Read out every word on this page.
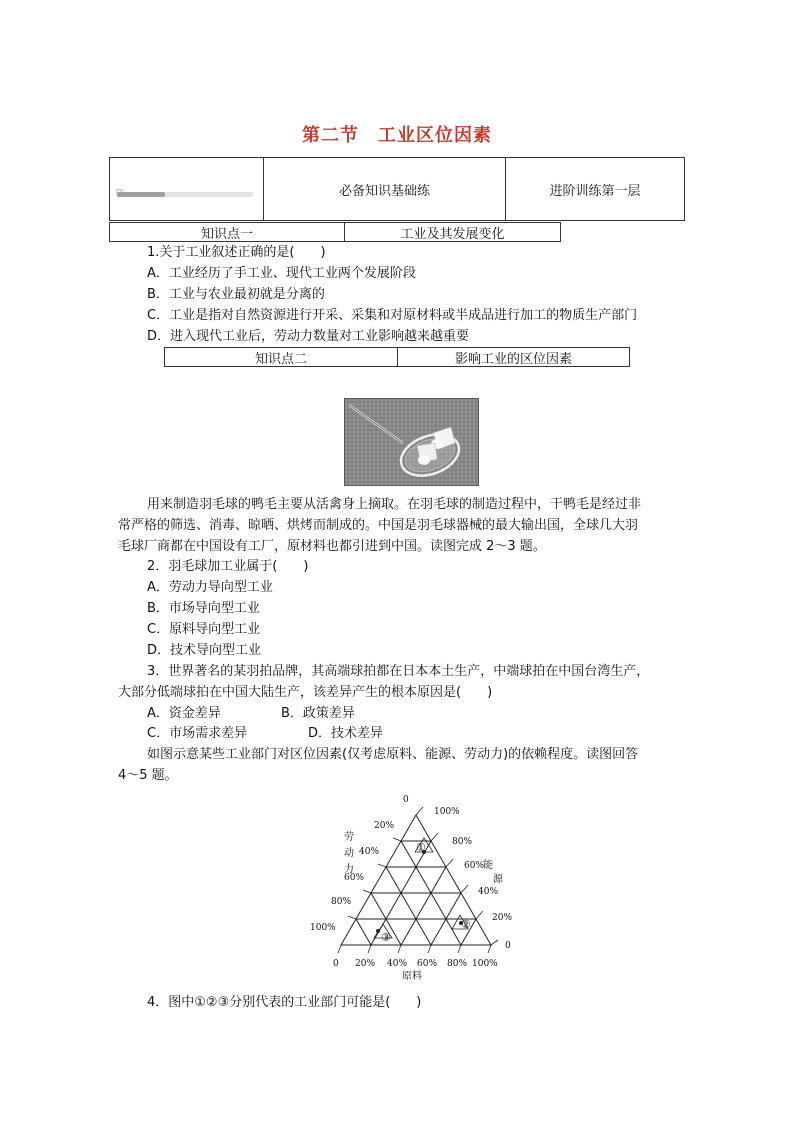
第二节　工业区位因素
必备知识基础练	进阶训练第一层
知识点一	工业及其发展变化
1.关于工业叙述正确的是(　　)
A．工业经历了手工业、现代工业两个发展阶段
B．工业与农业最初就是分离的
C．工业是指对自然资源进行开采、采集和对原材料或半成品进行加工的物质生产部门
D．进入现代工业后，劳动力数量对工业影响越来越重要
知识点二	影响工业的区位因素
用来制造羽毛球的鸭毛主要从活禽身上摘取。在羽毛球的制造过程中，干鸭毛是经过非
常严格的筛选、消毒、晾晒、烘烤而制成的。中国是羽毛球器械的最大输出国，全球几大羽
毛球厂商都在中国设有工厂，原材料也都引进到中国。读图完成 2～3 题。
2．羽毛球加工业属于(　　)
A．劳动力导向型工业
B．市场导向型工业
C．原料导向型工业
D．技术导向型工业
3．世界著名的某羽拍品牌，其高端球拍都在日本本土生产，中端球拍在中国台湾生产，
大部分低端球拍在中国大陆生产，该差异产生的根本原因是(　　)
A．资金差异	B．政策差异
C．市场需求差异	D．技术差异
如图示意某些工业部门对区位因素(仅考虑原料、能源、劳动力)的依赖程度。读图回答
4～5 题。
0
20%
40%
60%
80%
100%
100%
80%
60%
40%
20%
0
0 20% 40% 60% 80% 100%
劳
动
力	能
源
原料
①
②
③
4．图中①②③分别代表的工业部门可能是(　　)
